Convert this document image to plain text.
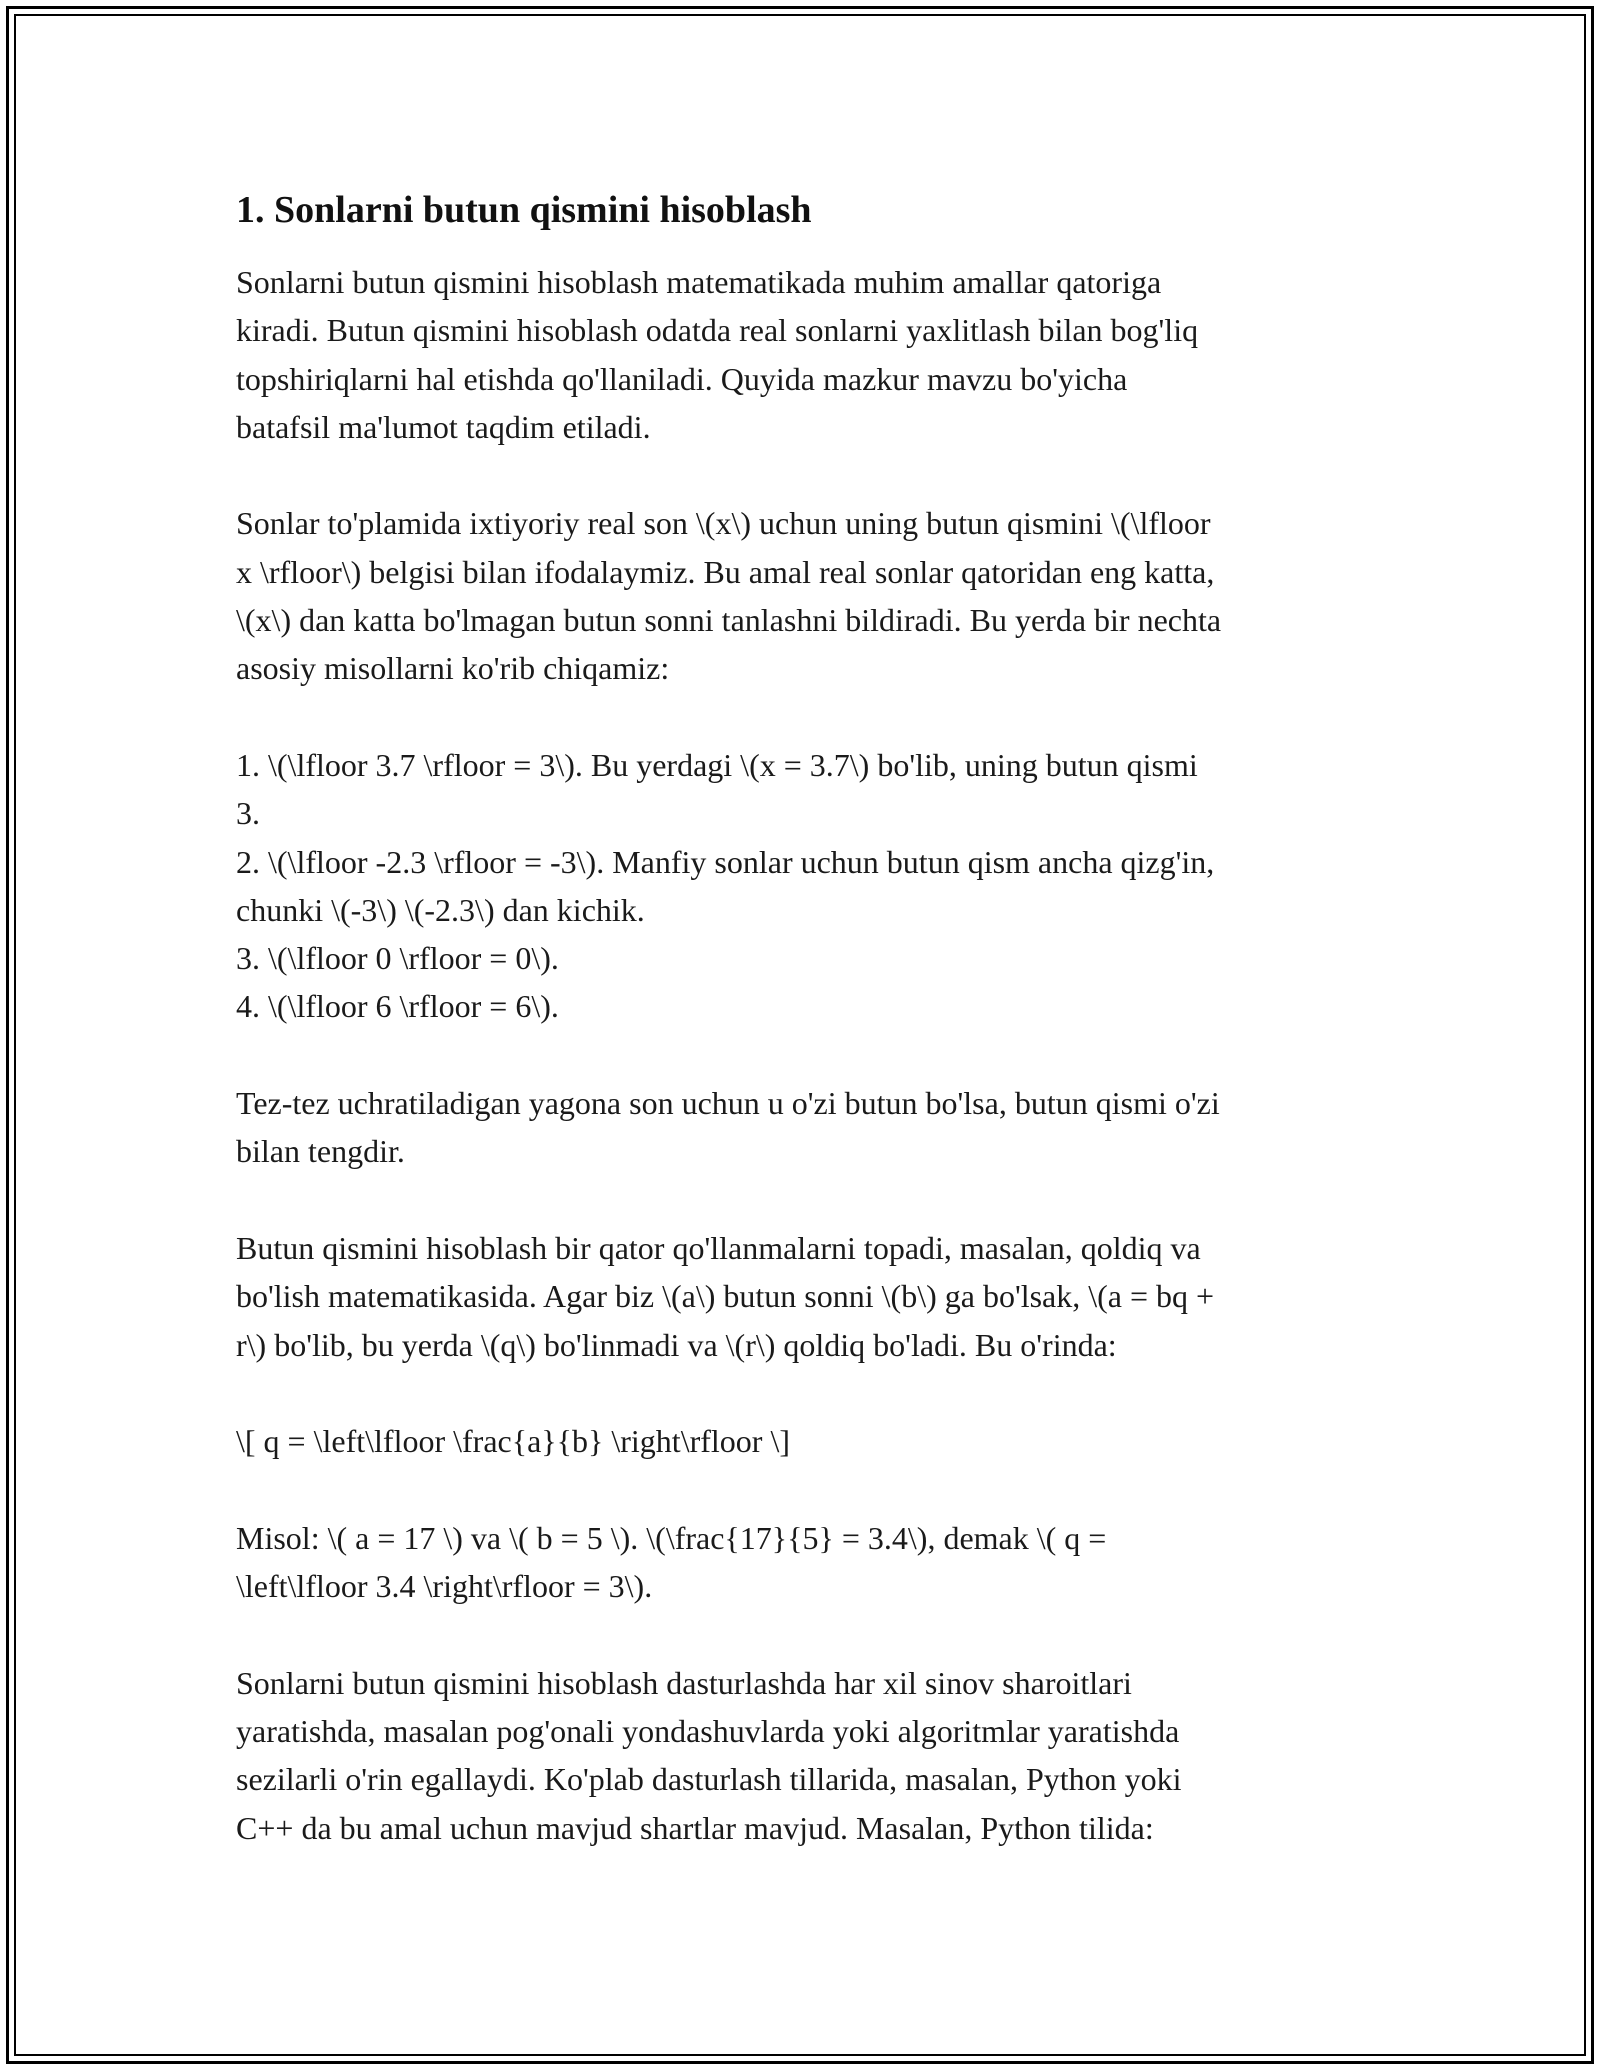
1. Sonlarni butun qismini hisoblash
Sonlarni butun qismini hisoblash matematikada muhim amallar qatoriga
kiradi. Butun qismini hisoblash odatda real sonlarni yaxlitlash bilan bog'liq
topshiriqlarni hal etishda qo'llaniladi. Quyida mazkur mavzu bo'yicha
batafsil ma'lumot taqdim etiladi.
Sonlar to'plamida ixtiyoriy real son \(x\) uchun uning butun qismini \(\lfloor
x \rfloor\) belgisi bilan ifodalaymiz. Bu amal real sonlar qatoridan eng katta,
\(x\) dan katta bo'lmagan butun sonni tanlashni bildiradi. Bu yerda bir nechta
asosiy misollarni ko'rib chiqamiz:
1. \(\lfloor 3.7 \rfloor = 3\). Bu yerdagi \(x = 3.7\) bo'lib, uning butun qismi
3.
2. \(\lfloor -2.3 \rfloor = -3\). Manfiy sonlar uchun butun qism ancha qizg'in,
chunki \(-3\) \(-2.3\) dan kichik.
3. \(\lfloor 0 \rfloor = 0\).
4. \(\lfloor 6 \rfloor = 6\).
Tez-tez uchratiladigan yagona son uchun u o'zi butun bo'lsa, butun qismi o'zi
bilan tengdir.
Butun qismini hisoblash bir qator qo'llanmalarni topadi, masalan, qoldiq va
bo'lish matematikasida. Agar biz \(a\) butun sonni \(b\) ga bo'lsak, \(a = bq +
r\) bo'lib, bu yerda \(q\) bo'linmadi va \(r\) qoldiq bo'ladi. Bu o'rinda:
\[ q = \left\lfloor \frac{a}{b} \right\rfloor \]
Misol: \( a = 17 \) va \( b = 5 \). \(\frac{17}{5} = 3.4\), demak \( q =
\left\lfloor 3.4 \right\rfloor = 3\).
Sonlarni butun qismini hisoblash dasturlashda har xil sinov sharoitlari
yaratishda, masalan pog'onali yondashuvlarda yoki algoritmlar yaratishda
sezilarli o'rin egallaydi. Ko'plab dasturlash tillarida, masalan, Python yoki
C++ da bu amal uchun mavjud shartlar mavjud. Masalan, Python tilida:
